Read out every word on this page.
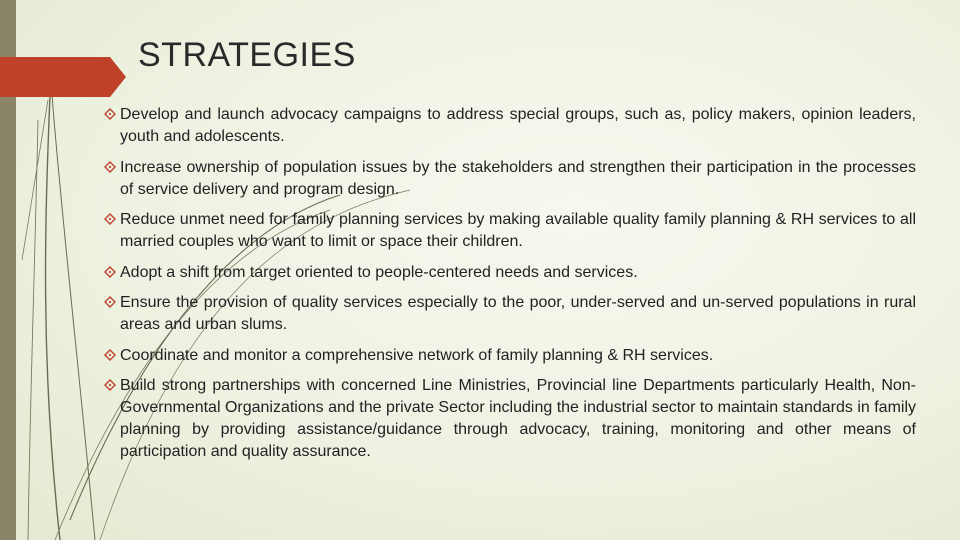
STRATEGIES
Develop and launch advocacy campaigns to address special groups, such as, policy makers, opinion leaders, youth and adolescents.
Increase ownership of population issues by the stakeholders and strengthen their participation in the processes of service delivery and program design.
Reduce unmet need for family planning services by making available quality family planning & RH services to all married couples who want to limit or space their children.
Adopt a shift from target oriented to people-centered needs and services.
Ensure the provision of quality services especially to the poor, under-served and un-served populations in rural areas and urban slums.
Coordinate and monitor a comprehensive network of family planning & RH services.
Build strong partnerships with concerned Line Ministries, Provincial line Departments particularly Health, Non-Governmental Organizations and the private Sector including the industrial sector to maintain standards in family planning by providing assistance/guidance through advocacy, training, monitoring and other means of participation and quality assurance.
